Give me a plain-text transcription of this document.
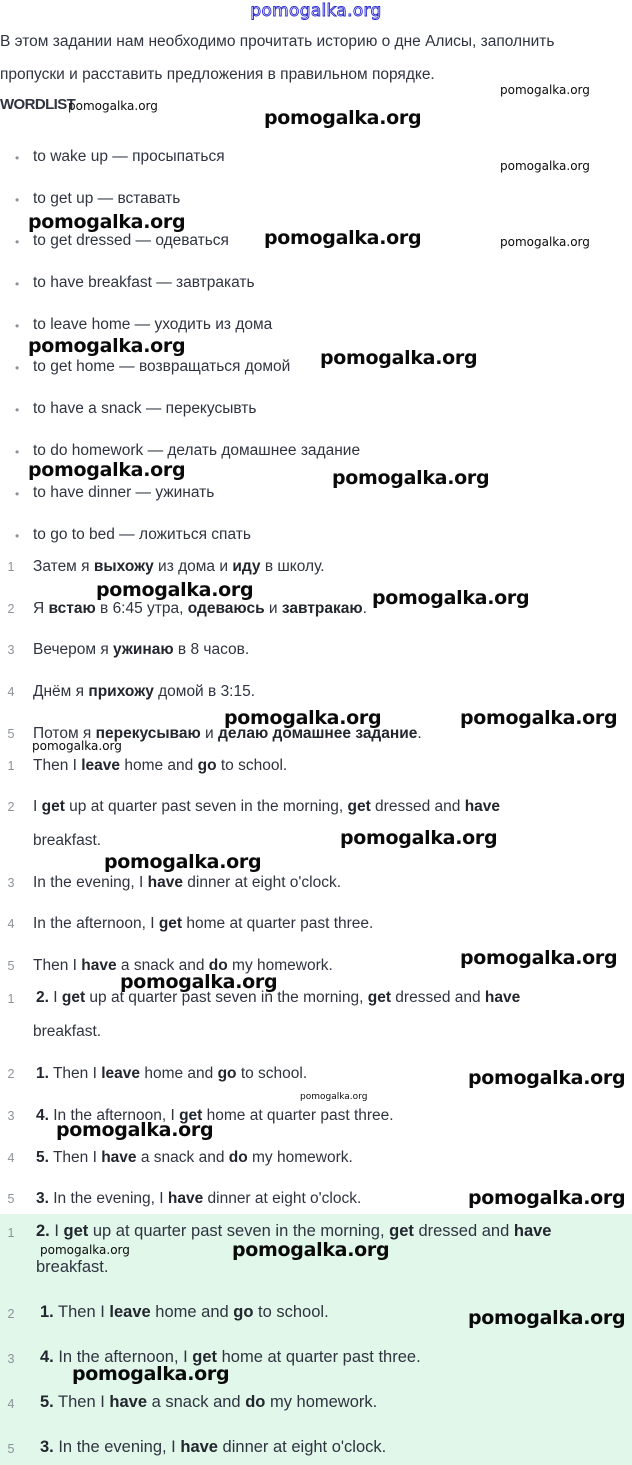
pomogalka.org
В этом задании нам необходимо прочитать историю о дне Алисы, заполнить
пропуски и расставить предложения в правильном порядке.
WORDLIST
• to wake up — просыпаться
• to get up — вставать
• to get dressed — одеваться
• to have breakfast — завтракать
• to leave home — уходить из дома
• to get home — возвращаться домой
• to have a snack — перекусывть
• to do homework — делать домашнее задание
• to have dinner — ужинать
• to go to bed — ложиться спать
1	Затем я выхожу из дома и иду в школу.
2	Я встаю в 6:45 утра, одеваюсь и завтракаю.
3	Вечером я ужинаю в 8 часов.
4	Днём я прихожу домой в 3:15.
5	Потом я перекусываю и делаю домашнее задание.
1	Then I leave home and go to school.
2	I get up at quarter past seven in the morning, get dressed and have
breakfast.
3	In the evening, I have dinner at eight o'clock.
4	In the afternoon, I get home at quarter past three.
5	Then I have a snack and do my homework.
1	2. I get up at quarter past seven in the morning, get dressed and have
breakfast.
2	1. Then I leave home and go to school.
3	4. In the afternoon, I get home at quarter past three.
4	5. Then I have a snack and do my homework.
5	3. In the evening, I have dinner at eight o'clock.
1	2. I get up at quarter past seven in the morning, get dressed and have
breakfast.
2	1. Then I leave home and go to school.
3	4. In the afternoon, I get home at quarter past three.
4	5. Then I have a snack and do my homework.
5	3. In the evening, I have dinner at eight o'clock.
pomogalka.org
pomogalka.org
pomogalka.org
pomogalka.org
pomogalka.org
pomogalka.org	pomogalka.org
pomogalka.org
pomogalka.org
pomogalka.org	pomogalka.org
pomogalka.org	pomogalka.org
pomogalka.org	pomogalka.org
pomogalka.org
pomogalka.org
pomogalka.org
pomogalka.org
pomogalka.org
pomogalka.org
pomogalka.org
pomogalka.org
pomogalka.org
pomogalka.org	pomogalka.org
pomogalka.org
pomogalka.org
